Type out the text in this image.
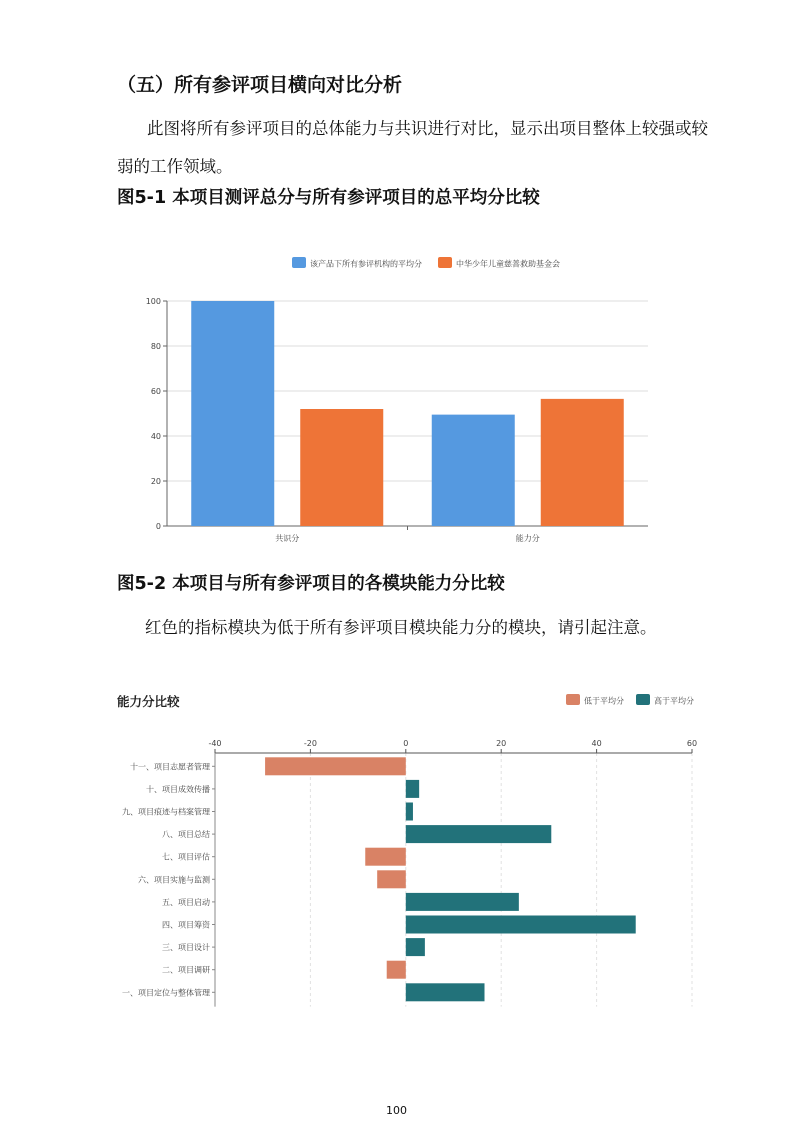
（五）所有参评项目横向对比分析
此图将所有参评项目的总体能力与共识进行对比，显示出项目整体上较强或较弱的工作领域。
图5-1 本项目测评总分与所有参评项目的总平均分比较
该产品下所有参评机构的平均分	中华少年儿童慈善救助基金会
0
20
40
60
80
100
共识分	能力分
图5-2 本项目与所有参评项目的各模块能力分比较
红色的指标模块为低于所有参评项目模块能力分的模块，请引起注意。
能力分比较	低于平均分	高于平均分
-40	-20	0	20	40	60
十一、项目志愿者管理
十、项目成效传播
九、项目痕迹与档案管理
八、项目总结
七、项目评估
六、项目实施与监测
五、项目启动
四、项目筹资
三、项目设计
二、项目调研
一、项目定位与整体管理
100
